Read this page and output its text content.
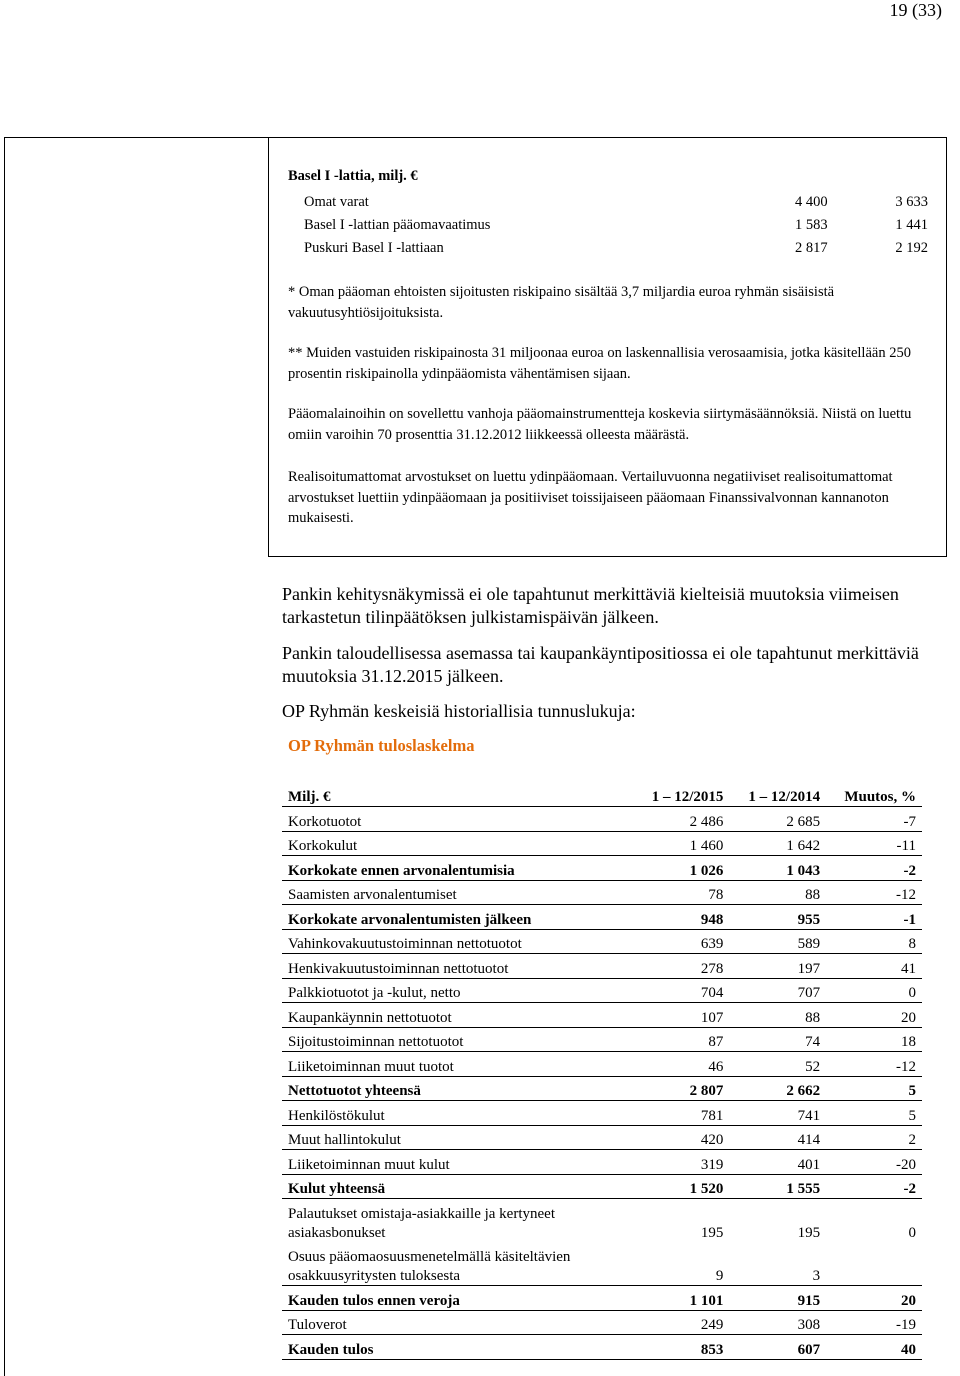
19 (33)
Basel I -lattia, milj. €
Omat varat	4 400	3 633
Basel I -lattian pääomavaatimus	1 583	1 441
Puskuri Basel I -lattiaan	2 817	2 192
* Oman pääoman ehtoisten sijoitusten riskipaino sisältää 3,7 miljardia euroa ryhmän sisäisistä vakuutusyhtiösijoituksista.
** Muiden vastuiden riskipainosta 31 miljoonaa euroa on laskennallisia verosaamisia, jotka käsitellään 250 prosentin riskipainolla ydinpääomista vähentämisen sijaan.
Pääomalainoihin on sovellettu vanhoja pääomainstrumentteja koskevia siirtymäsäännöksiä. Niistä on luettu omiin varoihin 70 prosenttia 31.12.2012 liikkeessä olleesta määrästä.
Realisoitumattomat arvostukset on luettu ydinpääomaan. Vertailuvuonna negatiiviset realisoitumattomat arvostukset luettiin ydinpääomaan ja positiiviset toissijaiseen pääomaan Finanssivalvonnan kannanoton mukaisesti.
Pankin kehitysnäkymissä ei ole tapahtunut merkittäviä kielteisiä muutoksia viimeisen tarkastetun tilinpäätöksen julkistamispäivän jälkeen.
Pankin taloudellisessa asemassa tai kaupankäyntipositiossa ei ole tapahtunut merkittäviä muutoksia 31.12.2015 jälkeen.
OP Ryhmän keskeisiä historiallisia tunnuslukuja:
OP Ryhmän tuloslaskelma
Milj. €	1 – 12/2015	1 – 12/2014	Muutos, %
Korkotuotot	2 486	2 685	-7
Korkokulut	1 460	1 642	-11
Korkokate ennen arvonalentumisia	1 026	1 043	-2
Saamisten arvonalentumiset	78	88	-12
Korkokate arvonalentumisten jälkeen	948	955	-1
Vahinkovakuutustoiminnan nettotuotot	639	589	8
Henkivakuutustoiminnan nettotuotot	278	197	41
Palkkiotuotot ja -kulut, netto	704	707	0
Kaupankäynnin nettotuotot	107	88	20
Sijoitustoiminnan nettotuotot	87	74	18
Liiketoiminnan muut tuotot	46	52	-12
Nettotuotot yhteensä	2 807	2 662	5
Henkilöstökulut	781	741	5
Muut hallintokulut	420	414	2
Liiketoiminnan muut kulut	319	401	-20
Kulut yhteensä	1 520	1 555	-2
Palautukset omistaja-asiakkaille ja kertyneet asiakasbonukset	195	195	0
Osuus pääomaosuusmenetelmällä käsiteltävien osakkuusyritysten tuloksesta	9	3	
Kauden tulos ennen veroja	1 101	915	20
Tuloverot	249	308	-19
Kauden tulos	853	607	40
